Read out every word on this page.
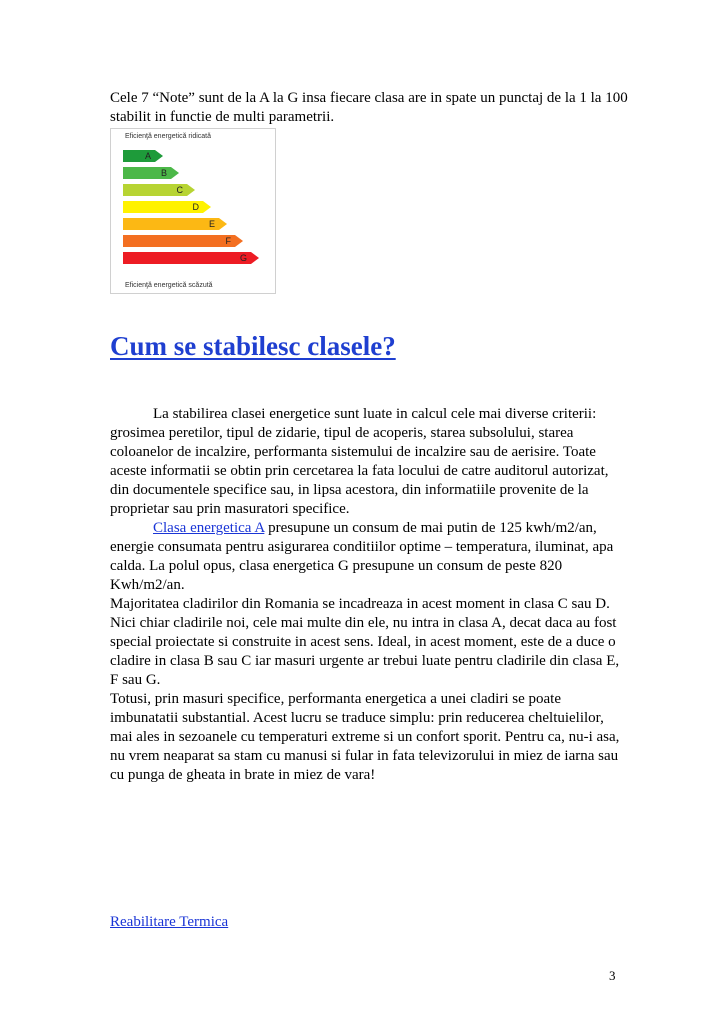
Cele 7 “Note” sunt de la A la G insa fiecare clasa are in spate un punctaj de la 1 la 100 stabilit in functie de multi parametrii.

Eficienţă energetică ridicată
A
B
C
D
E
F
G
Eficienţă energetică scăzută
Cum se stabilesc clasele?

La stabilirea clasei energetice sunt luate in calcul cele mai diverse criterii: grosimea peretilor, tipul de zidarie, tipul de acoperis, starea subsolului, starea coloanelor de incalzire, performanta sistemului de incalzire sau de aerisire. Toate aceste informatii se obtin prin cercetarea la fata locului de catre auditorul autorizat, din documentele specifice sau, in lipsa acestora, din informatiile provenite de la proprietar sau prin masuratori specifice.

Clasa energetica A presupune un consum de mai putin de 125 kwh/m2/an, energie consumata pentru asigurarea conditiilor optime – temperatura, iluminat, apa calda. La polul opus, clasa energetica G presupune un consum de peste 820 Kwh/m2/an.

Majoritatea cladirilor din Romania se incadreaza in acest moment in clasa C sau D. Nici chiar cladirile noi, cele mai multe din ele, nu intra in clasa A, decat daca au fost special proiectate si construite in acest sens. Ideal, in acest moment, este de a duce o cladire in clasa B sau C iar masuri urgente ar trebui luate pentru cladirile din clasa E, F sau G.

Totusi, prin masuri specifice, performanta energetica a unei cladiri se poate imbunatatii substantial. Acest lucru se traduce simplu: prin reducerea cheltuielilor, mai ales in sezoanele cu temperaturi extreme si un confort sporit. Pentru ca, nu-i asa, nu vrem neaparat sa stam cu manusi si fular in fata televizorului in miez de iarna sau cu punga de gheata in brate in miez de vara!

Reabilitare Termica
3
